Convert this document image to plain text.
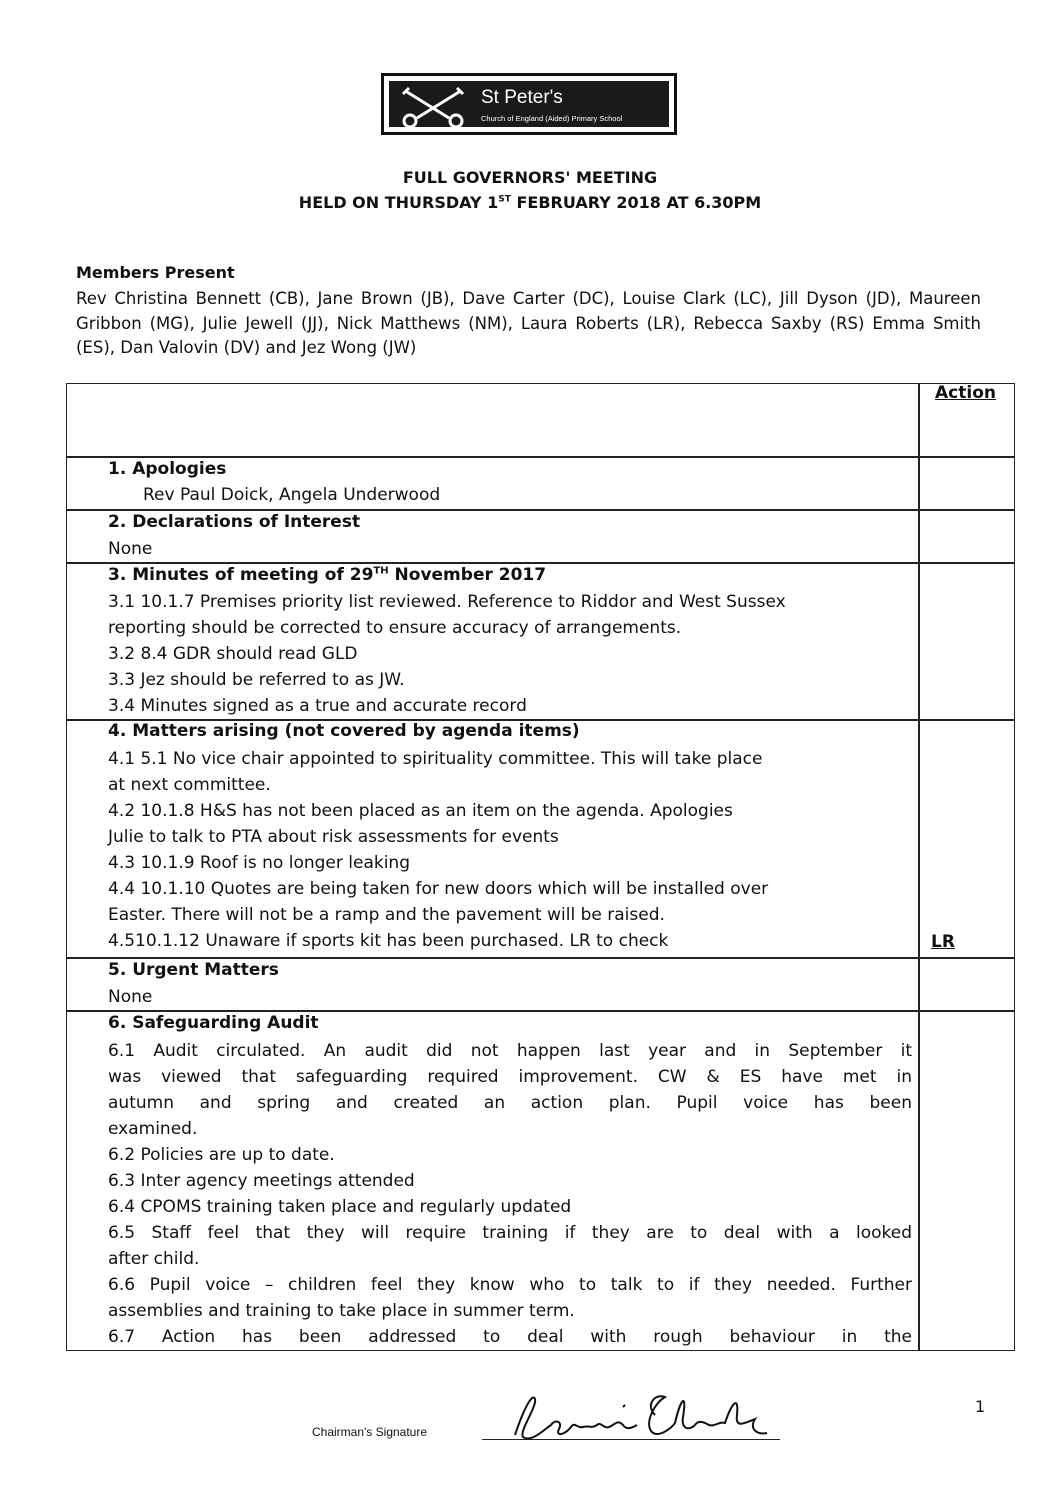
St Peter's
Church of England (Aided) Primary School
FULL GOVERNORS' MEETING
HELD ON THURSDAY 1ST FEBRUARY 2018 AT 6.30PM
Members Present
Rev Christina Bennett (CB), Jane Brown (JB), Dave Carter (DC), Louise Clark (LC), Jill Dyson (JD), Maureen Gribbon (MG), Julie Jewell (JJ), Nick Matthews (NM), Laura Roberts (LR), Rebecca Saxby (RS) Emma Smith (ES), Dan Valovin (DV) and Jez Wong (JW)
Action
1. Apologies
Rev Paul Doick, Angela Underwood
2. Declarations of Interest
None
3. Minutes of meeting of 29TH November 2017
3.1 10.1.7 Premises priority list reviewed. Reference to Riddor and West Sussex
reporting should be corrected to ensure accuracy of arrangements.
3.2 8.4 GDR should read GLD
3.3 Jez should be referred to as JW.
3.4 Minutes signed as a true and accurate record
4. Matters arising (not covered by agenda items)
4.1 5.1 No vice chair appointed to spirituality committee. This will take place
at next committee.
4.2 10.1.8 H&S has not been placed as an item on the agenda. Apologies
Julie to talk to PTA about risk assessments for events
4.3 10.1.9 Roof is no longer leaking
4.4 10.1.10 Quotes are being taken for new doors which will be installed over
Easter. There will not be a ramp and the pavement will be raised.
4.510.1.12 Unaware if sports kit has been purchased. LR to check	LR
5. Urgent Matters
None
6. Safeguarding Audit
6.1 Audit circulated. An audit did not happen last year and in September it
was viewed that safeguarding required improvement. CW & ES have met in
autumn and spring and created an action plan. Pupil voice has been
examined.
6.2 Policies are up to date.
6.3 Inter agency meetings attended
6.4 CPOMS training taken place and regularly updated
6.5 Staff feel that they will require training if they are to deal with a looked
after child.
6.6 Pupil voice – children feel they know who to talk to if they needed. Further
assemblies and training to take place in summer term.
6.7 Action has been addressed to deal with rough behaviour in the
Chairman's Signature
1
